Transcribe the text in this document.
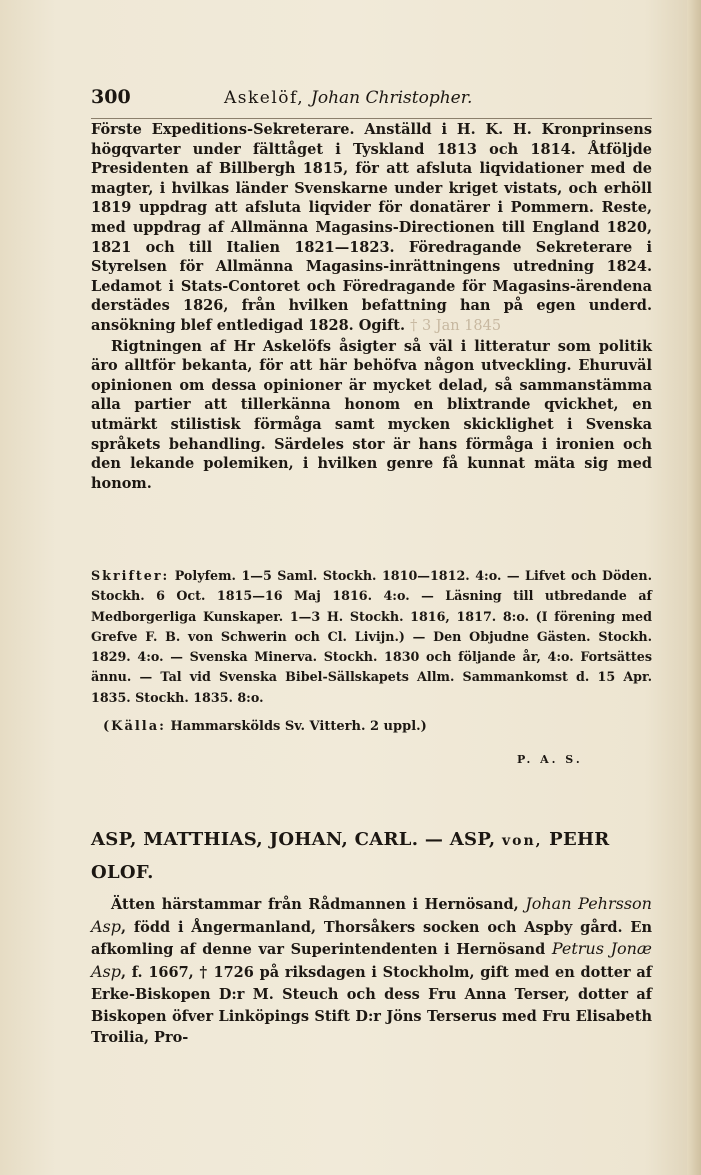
300	Askelöf, Johan Christopher.

Förste Expeditions-Sekreterare. Anställd i H. K. H. Kronprinsens högqvarter under fälttåget i Tyskland 1813 och 1814. Åtföljde Presidenten af Billbergh 1815, för att afsluta liqvidationer med de magter, i hvilkas länder Svenskarne under kriget vistats, och erhöll 1819 uppdrag att afsluta liqvider för donatärer i Pommern. Reste, med uppdrag af Allmänna Magasins-Directionen till England 1820, 1821 och till Italien 1821—1823. Föredragande Sekreterare i Styrelsen för Allmänna Magasins-inrättningens utredning 1824. Ledamot i Stats-Contoret och Föredragande för Magasins-ärendena derstädes 1826, från hvilken befattning han på egen underd. ansökning blef entledigad 1828. Ogift. † 3 Jan 1845

Rigtningen af Hr Askelöfs åsigter så väl i litteratur som politik äro alltför bekanta, för att här behöfva någon utveckling. Ehuruväl opinionen om dessa opinioner är mycket delad, så sammanstämma alla partier att tillerkänna honom en blixtrande qvickhet, en utmärkt stilistisk förmåga samt mycken skicklighet i Svenska språkets behandling. Särdeles stor är hans förmåga i ironien och den lekande polemiken, i hvilken genre få kunnat mäta sig med honom.

Skrifter: Polyfem. 1—5 Saml. Stockh. 1810—1812. 4:o. — Lifvet och Döden. Stockh. 6 Oct. 1815—16 Maj 1816. 4:o. — Läsning till utbredande af Medborgerliga Kunskaper. 1—3 H. Stockh. 1816, 1817. 8:o. (I förening med Grefve F. B. von Schwerin och Cl. Livijn.) — Den Objudne Gästen. Stockh. 1829. 4:o. — Svenska Minerva. Stockh. 1830 och följande år, 4:o. Fortsättes ännu. — Tal vid Svenska Bibel-Sällskapets Allm. Sammankomst d. 15 Apr. 1835. Stockh. 1835. 8:o.

(Källa: Hammarskölds Sv. Vitterh. 2 uppl.)
P. A. S.
ASP, MATTHIAS, JOHAN, CARL. — ASP, von, PEHR OLOF.

Ätten härstammar från Rådmannen i Hernösand, Johan Pehrsson Asp, född i Ångermanland, Thorsåkers socken och Aspby gård. En afkomling af denne var Superintendenten i Hernösand Petrus Jonæ Asp, f. 1667, † 1726 på riksdagen i Stockholm, gift med en dotter af Erke-Biskopen D:r M. Steuch och dess Fru Anna Terser, dotter af Biskopen öfver Linköpings Stift D:r Jöns Terserus med Fru Elisabeth Troilia, Pro-
